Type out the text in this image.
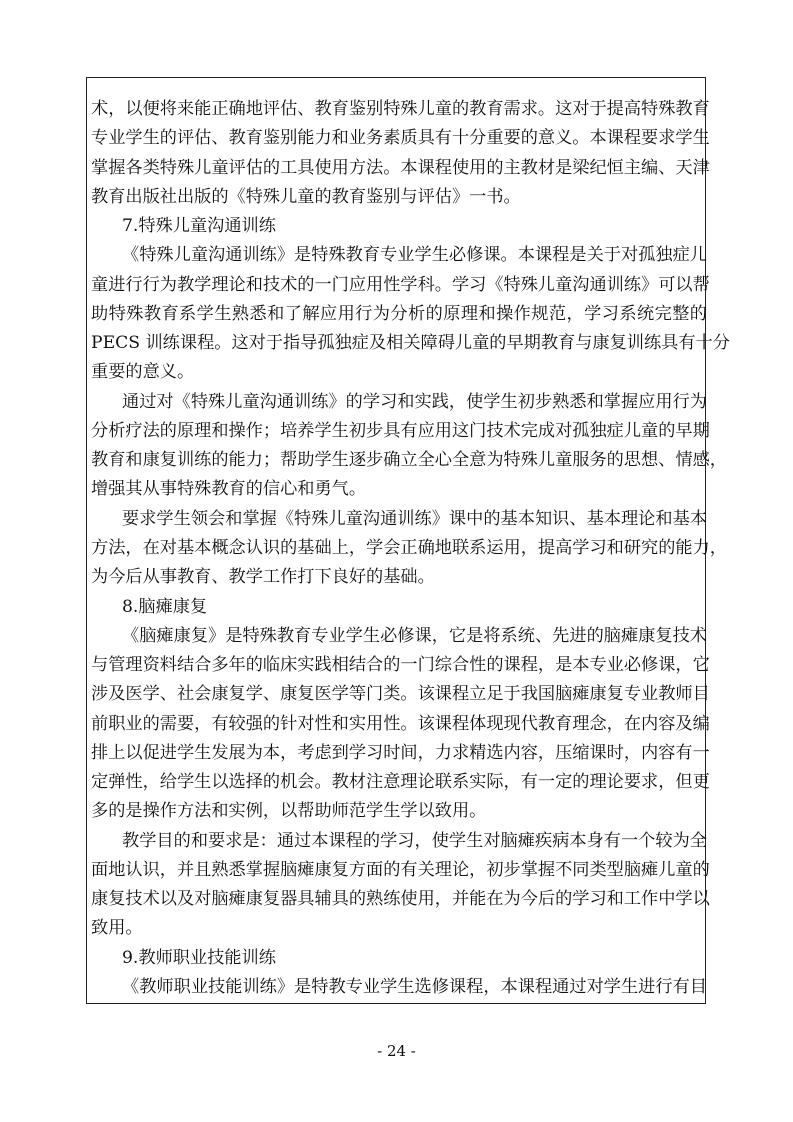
术，以便将来能正确地评估、教育鉴别特殊儿童的教育需求。这对于提高特殊教育
专业学生的评估、教育鉴别能力和业务素质具有十分重要的意义。本课程要求学生
掌握各类特殊儿童评估的工具使用方法。本课程使用的主教材是梁纪恒主编、天津
教育出版社出版的《特殊儿童的教育鉴别与评估》一书。
7.特殊儿童沟通训练
《特殊儿童沟通训练》是特殊教育专业学生必修课。本课程是关于对孤独症儿
童进行行为教学理论和技术的一门应用性学科。学习《特殊儿童沟通训练》可以帮
助特殊教育系学生熟悉和了解应用行为分析的原理和操作规范，学习系统完整的
PECS 训练课程。这对于指导孤独症及相关障碍儿童的早期教育与康复训练具有十分
重要的意义。
通过对《特殊儿童沟通训练》的学习和实践，使学生初步熟悉和掌握应用行为
分析疗法的原理和操作；培养学生初步具有应用这门技术完成对孤独症儿童的早期
教育和康复训练的能力；帮助学生逐步确立全心全意为特殊儿童服务的思想、情感，
增强其从事特殊教育的信心和勇气。
要求学生领会和掌握《特殊儿童沟通训练》课中的基本知识、基本理论和基本
方法，在对基本概念认识的基础上，学会正确地联系运用，提高学习和研究的能力，
为今后从事教育、教学工作打下良好的基础。
8.脑瘫康复
《脑瘫康复》是特殊教育专业学生必修课，它是将系统、先进的脑瘫康复技术
与管理资料结合多年的临床实践相结合的一门综合性的课程，是本专业必修课，它
涉及医学、社会康复学、康复医学等门类。该课程立足于我国脑瘫康复专业教师目
前职业的需要，有较强的针对性和实用性。该课程体现现代教育理念，在内容及编
排上以促进学生发展为本，考虑到学习时间，力求精选内容，压缩课时，内容有一
定弹性，给学生以选择的机会。教材注意理论联系实际，有一定的理论要求，但更
多的是操作方法和实例，以帮助师范学生学以致用。
教学目的和要求是：通过本课程的学习，使学生对脑瘫疾病本身有一个较为全
面地认识，并且熟悉掌握脑瘫康复方面的有关理论，初步掌握不同类型脑瘫儿童的
康复技术以及对脑瘫康复器具辅具的熟练使用，并能在为今后的学习和工作中学以
致用。
9.教师职业技能训练
《教师职业技能训练》是特教专业学生选修课程，本课程通过对学生进行有目
- 24 -
